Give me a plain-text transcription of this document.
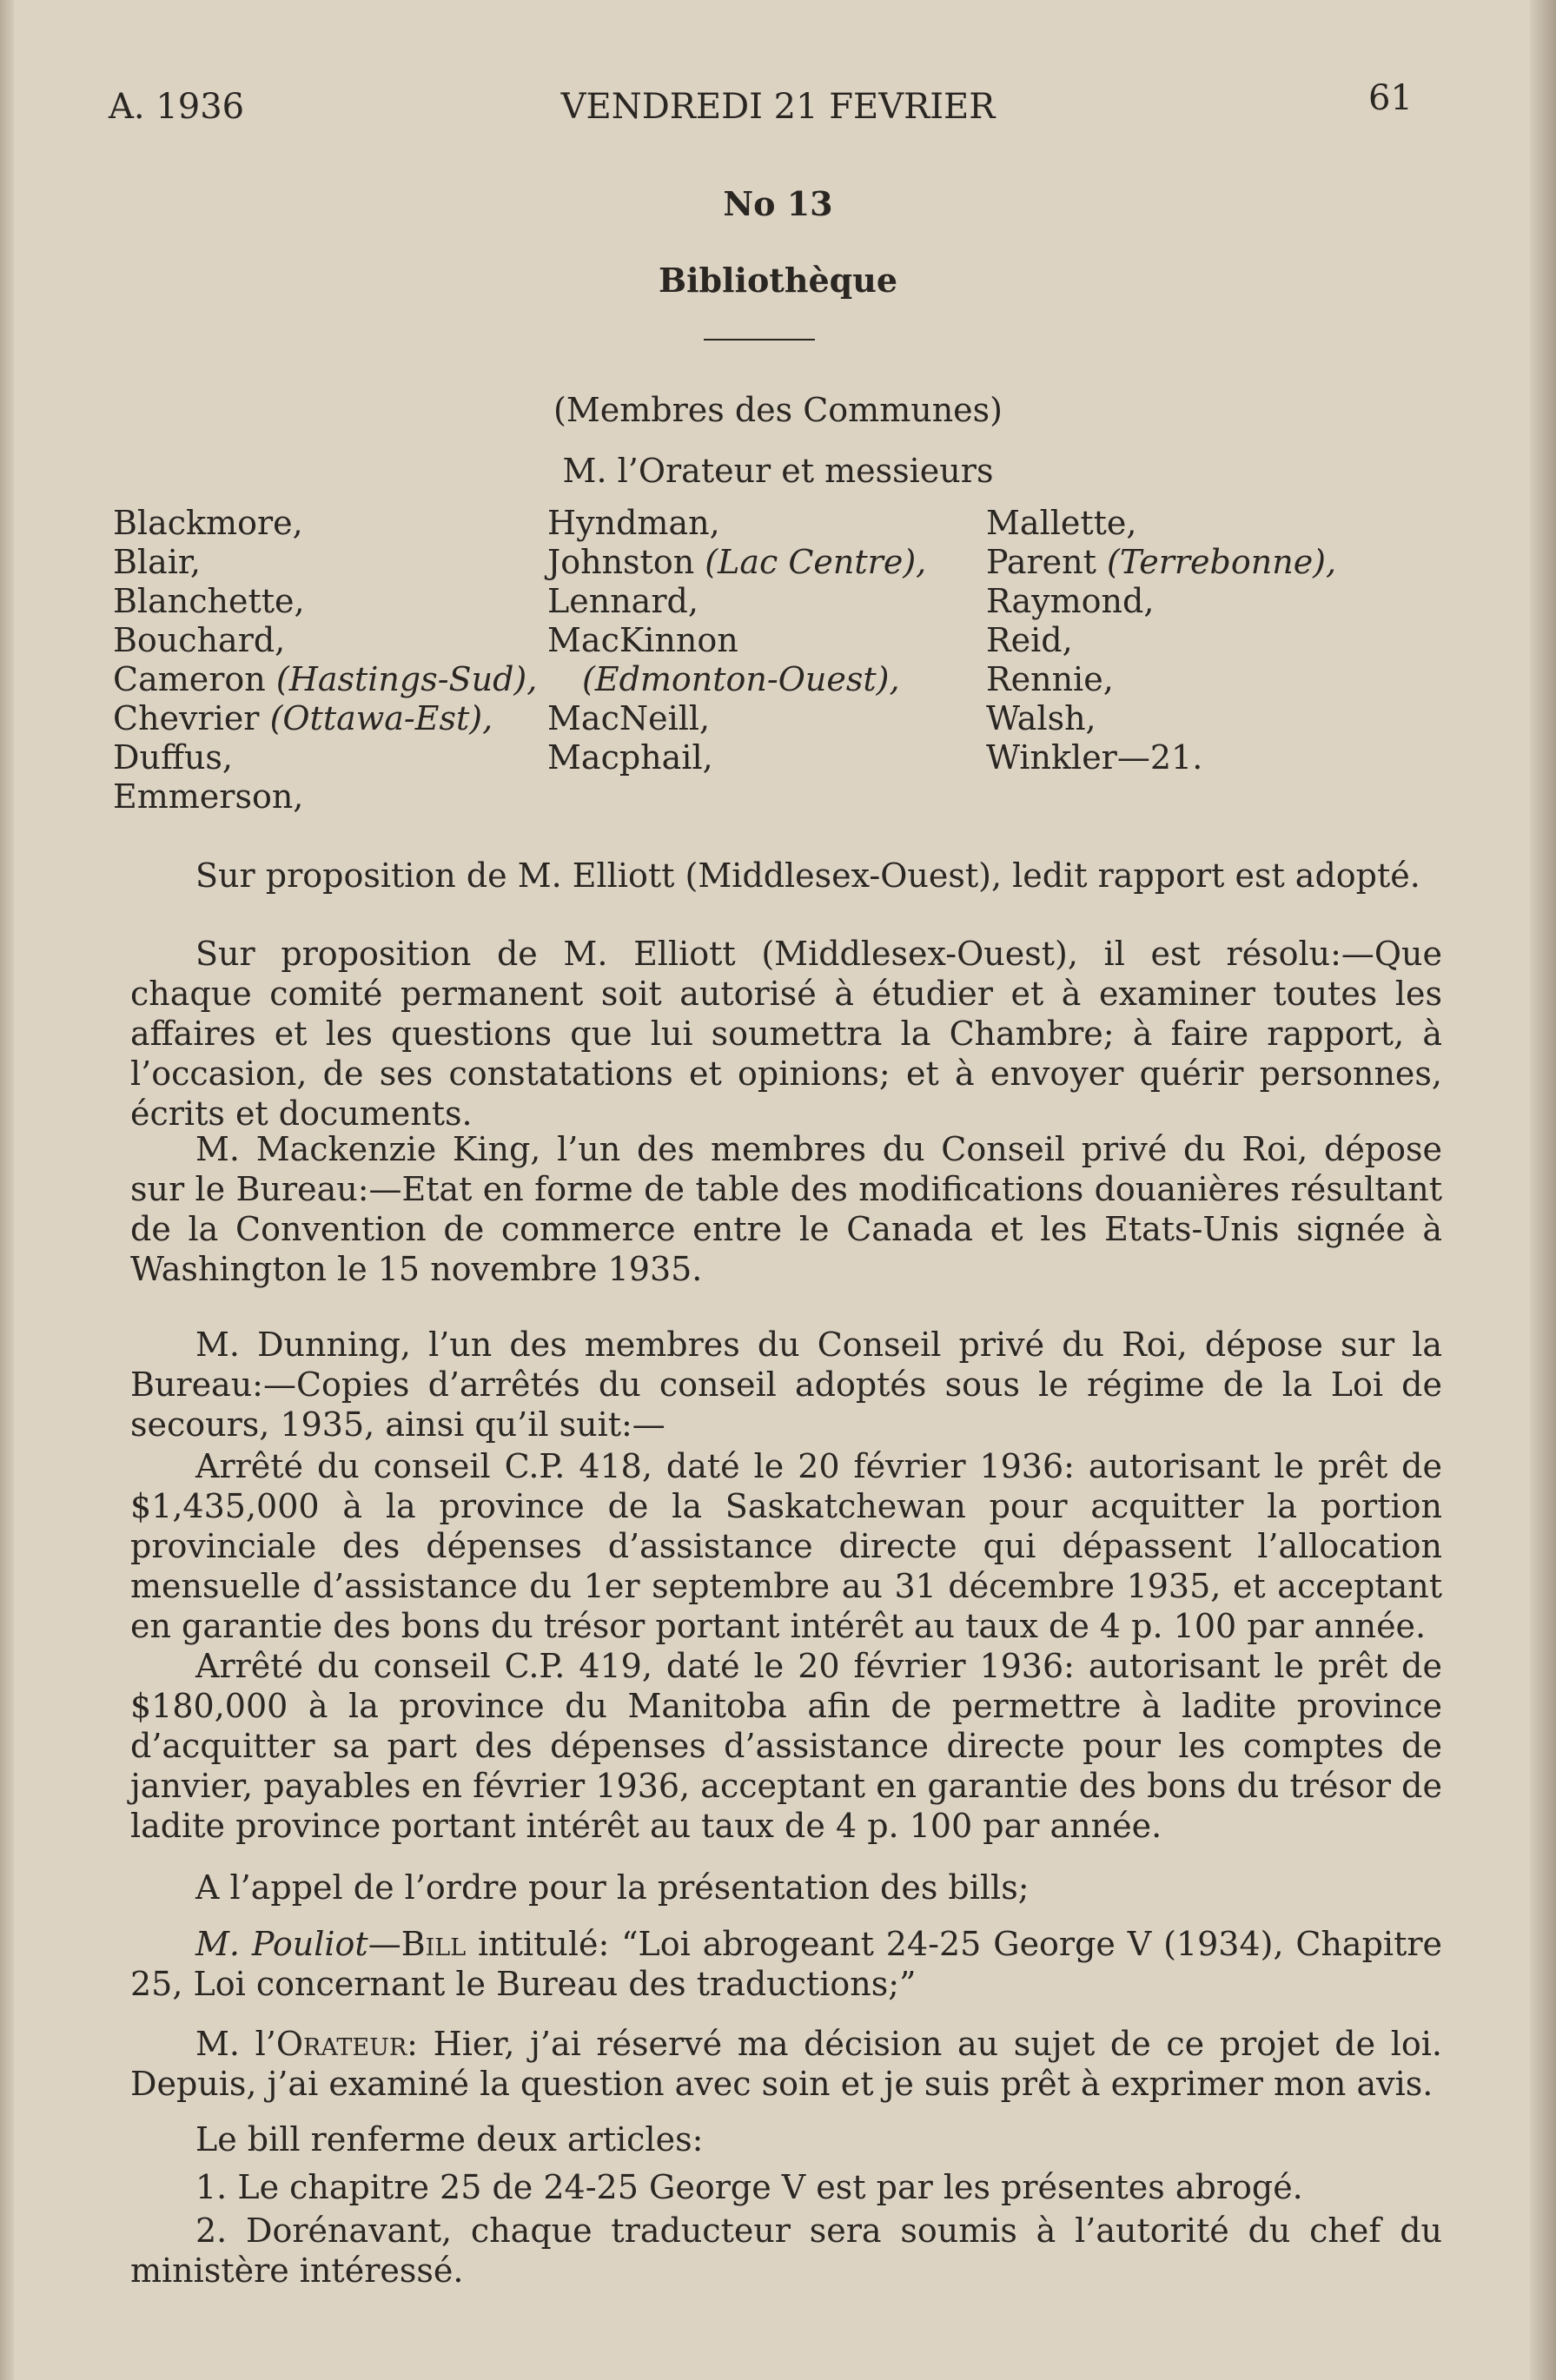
A. 1936	VENDREDI 21 FEVRIER	61
No 13
Bibliothèque
(Membres des Communes)
M. l’Orateur et messieurs
Blackmore,
Blair,
Blanchette,
Bouchard,
Cameron (Hastings-Sud),
Chevrier (Ottawa-Est),
Duffus,
Emmerson,
Hyndman,
Johnston (Lac Centre),
Lennard,
MacKinnon
(Edmonton-Ouest),
MacNeill,
Macphail,
Mallette,
Parent (Terrebonne),
Raymond,
Reid,
Rennie,
Walsh,
Winkler—21.

Sur proposition de M. Elliott (Middlesex-Ouest), ledit rapport est adopté.

Sur proposition de M. Elliott (Middlesex-Ouest), il est résolu:—Que chaque comité permanent soit autorisé à étudier et à examiner toutes les affaires et les questions que lui soumettra la Chambre; à faire rapport, à l’occasion, de ses constatations et opinions; et à envoyer quérir personnes, écrits et documents.

M. Mackenzie King, l’un des membres du Conseil privé du Roi, dépose sur le Bureau:—Etat en forme de table des modifications douanières résultant de la Convention de commerce entre le Canada et les Etats-Unis signée à Washington le 15 novembre 1935.

M. Dunning, l’un des membres du Conseil privé du Roi, dépose sur la Bureau:—Copies d’arrêtés du conseil adoptés sous le régime de la Loi de secours, 1935, ainsi qu’il suit:—

Arrêté du conseil C.P. 418, daté le 20 février 1936: autorisant le prêt de $1,435,000 à la province de la Saskatchewan pour acquitter la portion provinciale des dépenses d’assistance directe qui dépassent l’allocation mensuelle d’assistance du 1er septembre au 31 décembre 1935, et acceptant en garantie des bons du trésor portant intérêt au taux de 4 p. 100 par année.

Arrêté du conseil C.P. 419, daté le 20 février 1936: autorisant le prêt de $180,000 à la province du Manitoba afin de permettre à ladite province d’acquitter sa part des dépenses d’assistance directe pour les comptes de janvier, payables en février 1936, acceptant en garantie des bons du trésor de ladite province portant intérêt au taux de 4 p. 100 par année.

A l’appel de l’ordre pour la présentation des bills;

M. Pouliot—Bill intitulé: “Loi abrogeant 24-25 George V (1934), Chapitre 25, Loi concernant le Bureau des traductions;”

M. l’Orateur: Hier, j’ai réservé ma décision au sujet de ce projet de loi. Depuis, j’ai examiné la question avec soin et je suis prêt à exprimer mon avis.

Le bill renferme deux articles:

1. Le chapitre 25 de 24-25 George V est par les présentes abrogé.

2. Dorénavant, chaque traducteur sera soumis à l’autorité du chef du ministère intéressé.
